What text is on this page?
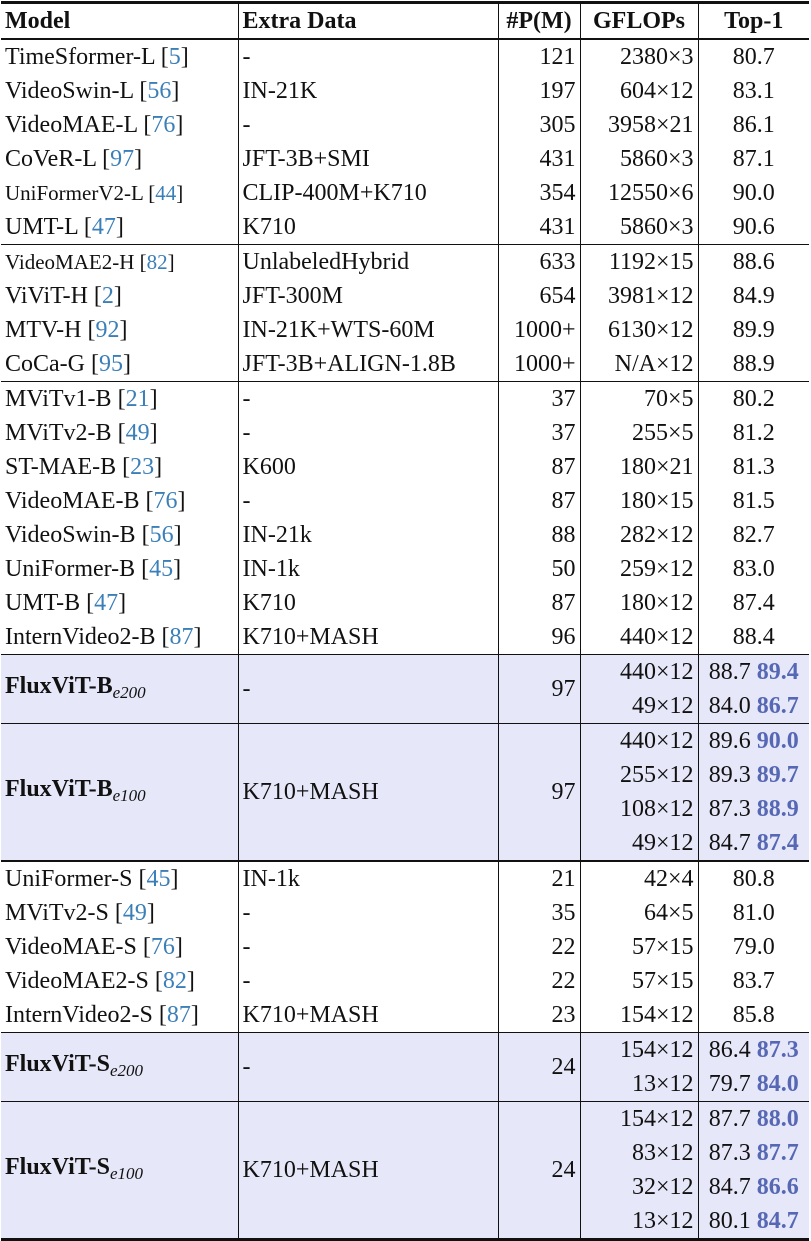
Model	Extra Data	#P(M)	GFLOPs	Top-1
TimeSformer-L [5]	-	121	2380×3	80.7
VideoSwin-L [56]	IN-21K	197	604×12	83.1
VideoMAE-L [76]	-	305	3958×21	86.1
CoVeR-L [97]	JFT-3B+SMI	431	5860×3	87.1
UniFormerV2-L [44]	CLIP-400M+K710	354	12550×6	90.0
UMT-L [47]	K710	431	5860×3	90.6
VideoMAE2-H [82]	UnlabeledHybrid	633	1192×15	88.6
ViViT-H [2]	JFT-300M	654	3981×12	84.9
MTV-H [92]	IN-21K+WTS-60M	1000+	6130×12	89.9
CoCa-G [95]	JFT-3B+ALIGN-1.8B	1000+	N/A×12	88.9
MViTv1-B [21]	-	37	70×5	80.2
MViTv2-B [49]	-	37	255×5	81.2
ST-MAE-B [23]	K600	87	180×21	81.3
VideoMAE-B [76]	-	87	180×15	81.5
VideoSwin-B [56]	IN-21k	88	282×12	82.7
UniFormer-B [45]	IN-1k	50	259×12	83.0
UMT-B [47]	K710	87	180×12	87.4
InternVideo2-B [87]	K710+MASH	96	440×12	88.4
FluxViT-$B_{e200}$	-	97	440×12	88.7 89.4
			49×12	84.0 86.7
FluxViT-$B_{e100}$	K710+MASH	97	440×12	89.6 90.0
			255×12	89.3 89.7
			108×12	87.3 88.9
			49×12	84.7 87.4
UniFormer-S [45]	IN-1k	21	42×4	80.8
MViTv2-S [49]	-	35	64×5	81.0
VideoMAE-S [76]	-	22	57×15	79.0
VideoMAE2-S [82]	-	22	57×15	83.7
InternVideo2-S [87]	K710+MASH	23	154×12	85.8
FluxViT-$S_{e200}$	-	24	154×12	86.4 87.3
			13×12	79.7 84.0
FluxViT-$S_{e100}$	K710+MASH	24	154×12	87.7 88.0
			83×12	87.3 87.7
			32×12	84.7 86.6
			13×12	80.1 84.7
